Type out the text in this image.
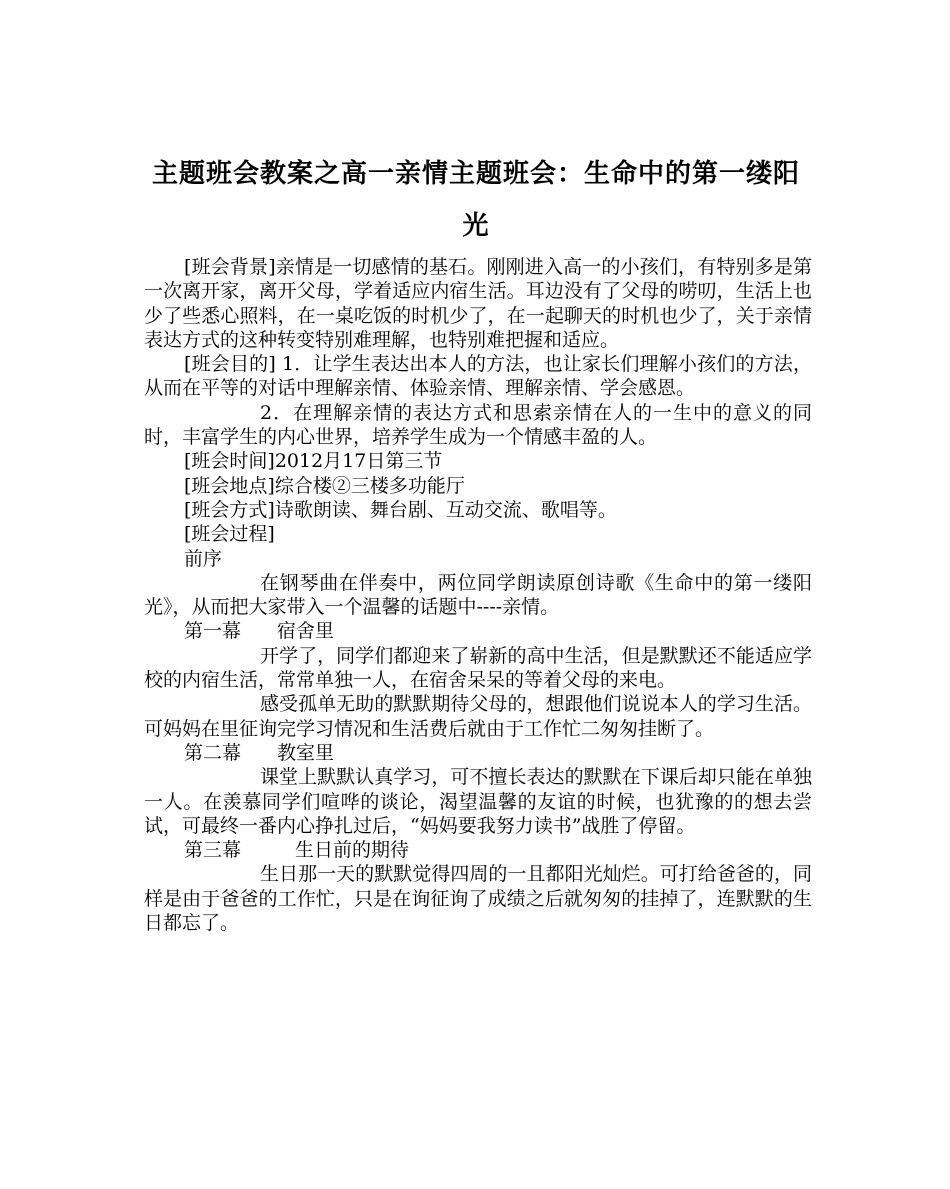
主题班会教案之高一亲情主题班会：生命中的第一缕阳光

[班会背景]亲情是一切感情的基石。刚刚进入高一的小孩们，有特别多是第一次离开家，离开父母，学着适应内宿生活。耳边没有了父母的唠叨，生活上也少了些悉心照料，在一桌吃饭的时机少了，在一起聊天的时机也少了，关于亲情表达方式的这种转变特别难理解，也特别难把握和适应。

[班会目的] 1．让学生表达出本人的方法，也让家长们理解小孩们的方法，从而在平等的对话中理解亲情、体验亲情、理解亲情、学会感恩。

2．在理解亲情的表达方式和思索亲情在人的一生中的意义的同时，丰富学生的内心世界，培养学生成为一个情感丰盈的人。

[班会时间]2012月17日第三节

[班会地点]综合楼②三楼多功能厅

[班会方式]诗歌朗读、舞台剧、互动交流、歌唱等。

[班会过程]

前序

在钢琴曲在伴奏中，两位同学朗读原创诗歌《生命中的第一缕阳光》，从而把大家带入一个温馨的话题中----亲情。

第一幕 宿舍里

开学了，同学们都迎来了崭新的高中生活，但是默默还不能适应学校的内宿生活，常常单独一人，在宿舍呆呆的等着父母的来电。

感受孤单无助的默默期待父母的，想跟他们说说本人的学习生活。可妈妈在里征询完学习情况和生活费后就由于工作忙二匆匆挂断了。

第二幕 教室里

课堂上默默认真学习，可不擅长表达的默默在下课后却只能在单独一人。在羡慕同学们喧哗的谈论，渴望温馨的友谊的时候，也犹豫的的想去尝试，可最终一番内心挣扎过后，“妈妈要我努力读书”战胜了停留。

第三幕	生日前的期待

生日那一天的默默觉得四周的一且都阳光灿烂。可打给爸爸的，同样是由于爸爸的工作忙，只是在询征询了成绩之后就匆匆的挂掉了，连默默的生日都忘了。
